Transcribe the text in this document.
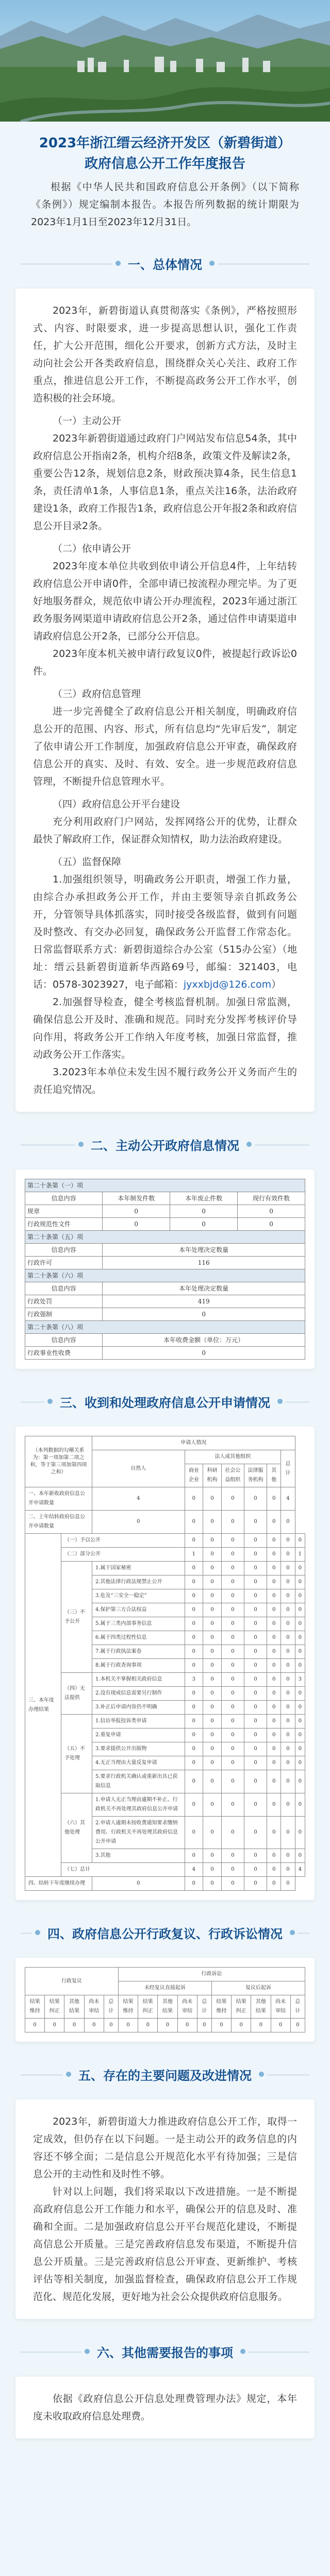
2023年浙江缙云经济开发区（新碧街道）
政府信息公开工作年度报告

根据《中华人民共和国政府信息公开条例》（以下简称《条例》）规定编制本报告。本报告所列数据的统计期限为2023年1月1日至2023年12月31日。

一、总体情况

2023年，新碧街道认真贯彻落实《条例》，严格按照形式、内容、时限要求，进一步提高思想认识，强化工作责任，扩大公开范围，细化公开要求，创新方式方法，及时主动向社会公开各类政府信息，围绕群众关心关注、政府工作重点，推进信息公开工作，不断提高政务公开工作水平，创造积极的社会环境。

（一）主动公开

2023年新碧街道通过政府门户网站发布信息54条，其中政府信息公开指南2条，机构介绍8条，政策文件及解读2条，重要公告12条，规划信息2条，财政预决算4条，民生信息1条，责任清单1条，人事信息1条，重点关注16条，法治政府建设1条，政府工作报告1条，政府信息公开年报2条和政府信息公开目录2条。

（二）依申请公开

2023年度本单位共收到依申请公开信息4件，上年结转政府信息公开申请0件，全部申请已按流程办理完毕。为了更好地服务群众，规范依申请公开办理流程，2023年通过浙江政务服务网渠道申请政府信息公开2条，通过信件申请渠道申请政府信息公开2条，已部分公开信息。

2023年度本机关被申请行政复议0件，被提起行政诉讼0件。

（三）政府信息管理

进一步完善健全了政府信息公开相关制度，明确政府信息公开的范围、内容、形式，所有信息均“先审后发”，制定了依申请公开工作制度，加强政府信息公开审查，确保政府信息公开的真实、及时、有效、安全。进一步规范政府信息管理，不断提升信息管理水平。

（四）政府信息公开平台建设

充分利用政府门户网站，发挥网络公开的优势，让群众最快了解政府工作，保证群众知情权，助力法治政府建设。

（五）监督保障

1.加强组织领导，明确政务公开职责，增强工作力量，由综合办承担政务公开工作，并由主要领导亲自抓政务公开，分管领导具体抓落实，同时接受各级监督，做到有问题及时整改、有交办必回复，确保政务公开监督工作常态化。日常监督联系方式：新碧街道综合办公室（515办公室）（地址：缙云县新碧街道新华西路69号，邮编：321403，电话：0578-3023927，电子邮箱：jyxxbjd@126.com）

2.加强督导检查，健全考核监督机制。加强日常监测，确保信息公开及时、准确和规范。同时充分发挥考核评价导向作用，将政务公开工作纳入年度考核，加强日常监督，推动政务公开工作落实。

3.2023年本单位未发生因不履行政务公开义务而产生的责任追究情况。

二、主动公开政府信息情况
第二十条第（一）项			
信息内容	本年制发件数	本年废止件数	现行有效件数
规章	0	0	0
行政规范性文件	0	0	0
第二十条第（五）项			
信息内容	本年处理决定数量		
行政许可	116		
第二十条第（六）项			
信息内容	本年处理决定数量		
行政处罚	419		
行政强制	0		
第二十条第（八）项			
信息内容	本年收费金额（单位：万元）		
行政事业性收费	0		
三、收到和处理政府信息公开申请情况
（本列数据的勾稽关系为：第一项加第二项之和，等于第三项加第四项之和）		申请人情况							
		自然人	法人或其他组织					总计	
			商业企业	科研机构	社会公益组织	法律服务机构	其他		
一、本年新收政府信息公开申请数量		4	0	0	0	0	0	4	
二、上年结转政府信息公开申请数量		0	0	0	0	0	0	0	
三、本年度办理结果	（一）予以公开		0	0	0	0	0	0	0
	（二）部分公开		1	0	0	0	0	0	1
	（三）不予公开	1.属于国家秘密	0	0	0	0	0	0	0
		2.其他法律行政法规禁止公开	0	0	0	0	0	0	0
		3.危及“三安全一稳定”	0	0	0	0	0	0	0
		4.保护第三方合法权益	0	0	0	0	0	0	0
		5.属于三类内部事务信息	0	0	0	0	0	0	0
		6.属于四类过程性信息	0	0	0	0	0	0	0
		7.属于行政执法案卷	0	0	0	0	0	0	0
		8.属于行政查询事项	0	0	0	0	0	0	0
	（四）无法提供	1.本机关不掌握相关政府信息	3	0	0	0	0	0	3
		2.没有现成信息需要另行制作	0	0	0	0	0	0	0
		3.补正后申请内容仍不明确	0	0	0	0	0	0	0
	（五）不予处理	1.信访举报投诉类申请	0	0	0	0	0	0	0
		2.重复申请	0	0	0	0	0	0	0
		3.要求提供公开出版物	0	0	0	0	0	0	0
		4.无正当理由大量反复申请	0	0	0	0	0	0	0
		5.要求行政机关确认或重新出具已获取信息	0	0	0	0	0	0	0
	（六）其他处理	1.申请人无正当理由逾期不补正、行政机关不再处理其政府信息公开申请	0	0	0	0	0	0	0
		2.申请人逾期未按收费通知要求缴纳费用、行政机关不再处理其政府信息公开申请	0	0	0	0	0	0	0
		3.其他	0	0	0	0	0	0	0
	（七）总计		4	0	0	0	0	0	4
四、结转下年度继续办理		0	0	0	0	0	0	0	
四、政府信息公开行政复议、行政诉讼情况
行政复议					行政诉讼									
					未经复议直接起诉					复议后起诉				
结果维持	结果纠正	其他结果	尚未审结	总计	结果维持	结果纠正	其他结果	尚未审结	总计	结果维持	结果纠正	其他结果	尚未审结	总计
0	0	0	0	0	0	0	0	0	0	0	0	0	0	0
五、存在的主要问题及改进情况

2023年，新碧街道大力推进政府信息公开工作，取得一定成效，但仍存在以下问题。一是主动公开的政务信息的内容还不够全面；二是信息公开规范化水平有待加强；三是信息公开的主动性和及时性不够。

针对以上问题，我们将采取以下改进措施。一是不断提高政府信息公开工作能力和水平，确保公开的信息及时、准确和全面。二是加强政府信息公开平台规范化建设，不断提高信息公开质量。三是完善政府信息发布渠道，不断提升信息公开质量。三是完善政府信息公开审查、更新维护、考核评估等相关制度，加强监督检查，确保政府信息公开工作规范化、规范化发展，更好地为社会公众提供政府信息服务。

六、其他需要报告的事项

依据《政府信息公开信息处理费管理办法》规定，本年度未收取政府信息处理费。
